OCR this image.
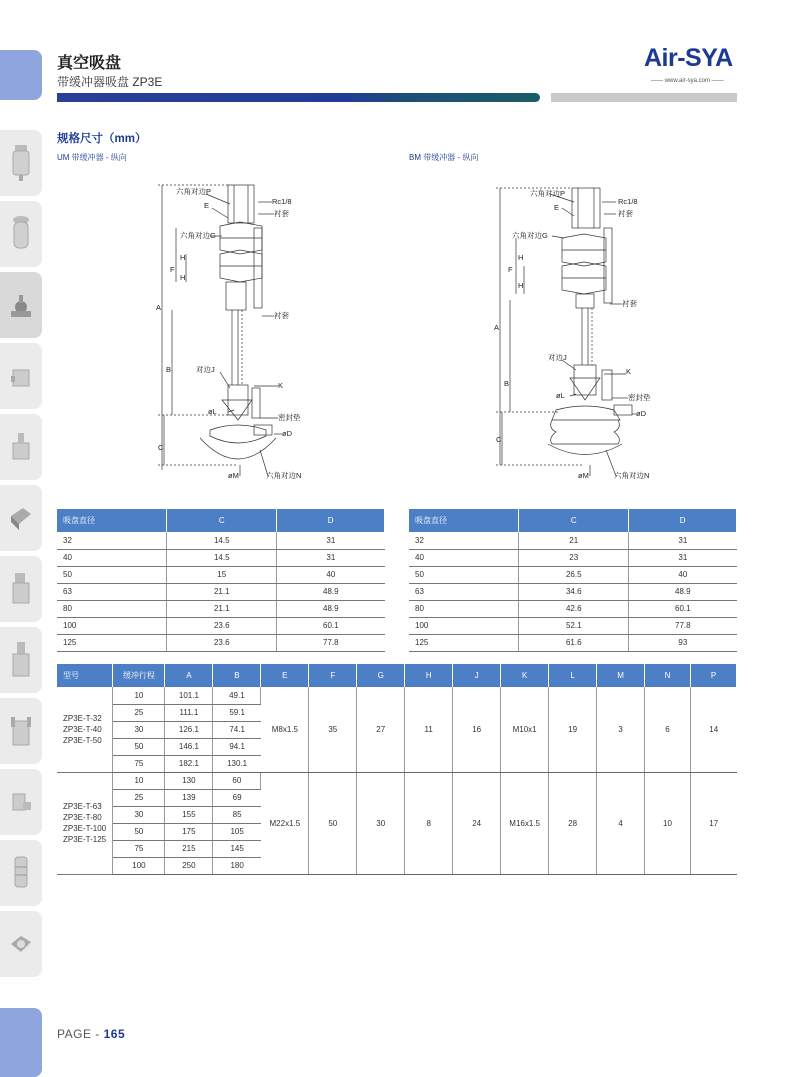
真空吸盘
带缓冲器吸盘 ZP3E
Air-SYA
—— www.air-sya.com ——
规格尺寸（mm）
UM 带缓冲器 - 纵向	BM 带缓冲器 - 纵向
六角对边P
E	Rc1/8
衬套
六角对边G
F
H
H
A
衬套
B	对边J
K
øL
密封垫
øD
C
øM	六角对边N
六角对边P
E
Rc1/8
衬套
六角对边G
F
H
H
A
衬套
B
对边J
K
øL	密封垫
øD
C
øM	六角对边N
吸盘直径	C	D
32	14.5	31
40	14.5	31
50	15	40
63	21.1	48.9
80	21.1	48.9
100	23.6	60.1
125	23.6	77.8
吸盘直径	C	D
32	21	31
40	23	31
50	26.5	40
63	34.6	48.9
80	42.6	60.1
100	52.1	77.8
125	61.6	93
型号	缓冲行程	A	B	E	F	G	H	J	K	L	M	N	P
ZP3E-T-32
ZP3E-T-40
ZP3E-T-50	10	101.1	49.1	M8x1.5	35	27	11	16	M10x1	19	3	6	14
	25	111.1	59.1										
	30	126.1	74.1										
	50	146.1	94.1										
	75	182.1	130.1										
ZP3E-T-63
ZP3E-T-80
ZP3E-T-100
ZP3E-T-125	10	130	60	M22x1.5	50	30	8	24	M16x1.5	28	4	10	17
	25	139	69										
	30	155	85										
	50	175	105										
	75	215	145										
	100	250	180										
PAGE - 165
